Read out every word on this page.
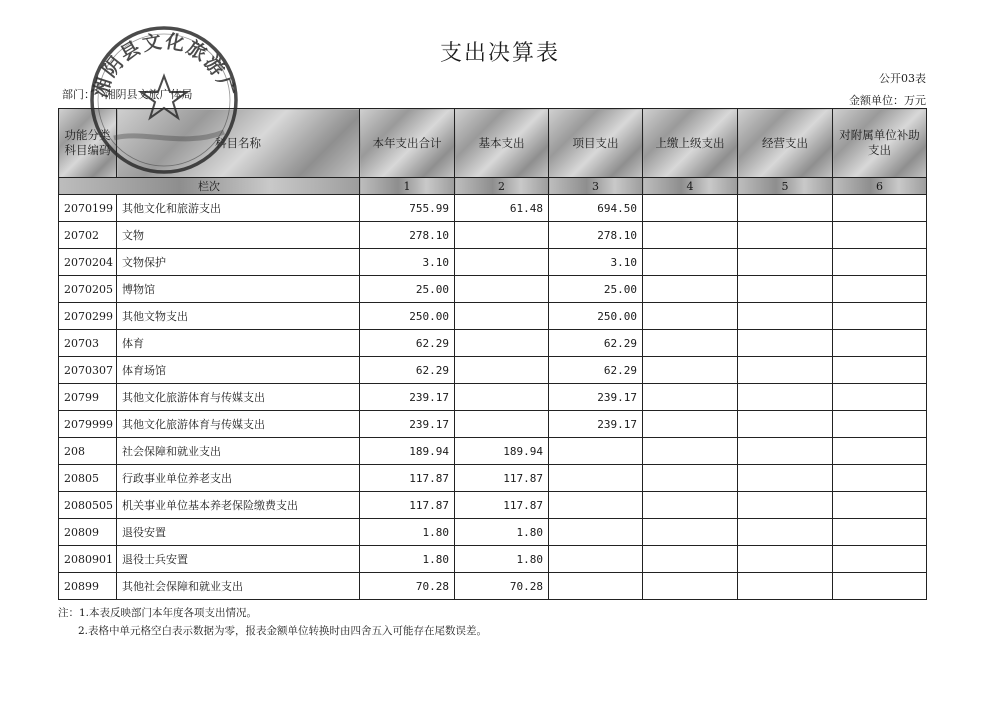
支出决算表
公开03表
部门： 湘阴县文旅广体局	金额单位：万元
功能分类科目编码	科目名称	本年支出合计	基本支出	项目支出	上缴上级支出	经营支出	对附属单位补助支出
栏次		1	2	3	4	5	6
2070199	其他文化和旅游支出	755.99	61.48	694.50			
20702	文物	278.10		278.10			
2070204	文物保护	3.10		3.10			
2070205	博物馆	25.00		25.00			
2070299	其他文物支出	250.00		250.00			
20703	体育	62.29		62.29			
2070307	体育场馆	62.29		62.29			
20799	其他文化旅游体育与传媒支出	239.17		239.17			
2079999	其他文化旅游体育与传媒支出	239.17		239.17			
208	社会保障和就业支出	189.94	189.94				
20805	行政事业单位养老支出	117.87	117.87				
2080505	机关事业单位基本养老保险缴费支出	117.87	117.87				
20809	退役安置	1.80	1.80				
2080901	退役士兵安置	1.80	1.80				
20899	其他社会保障和就业支出	70.28	70.28				
注：1.本表反映部门本年度各项支出情况。
2.表格中单元格空白表示数据为零，报表金额单位转换时由四舍五入可能存在尾数误差。
湘阴县文化旅游广
